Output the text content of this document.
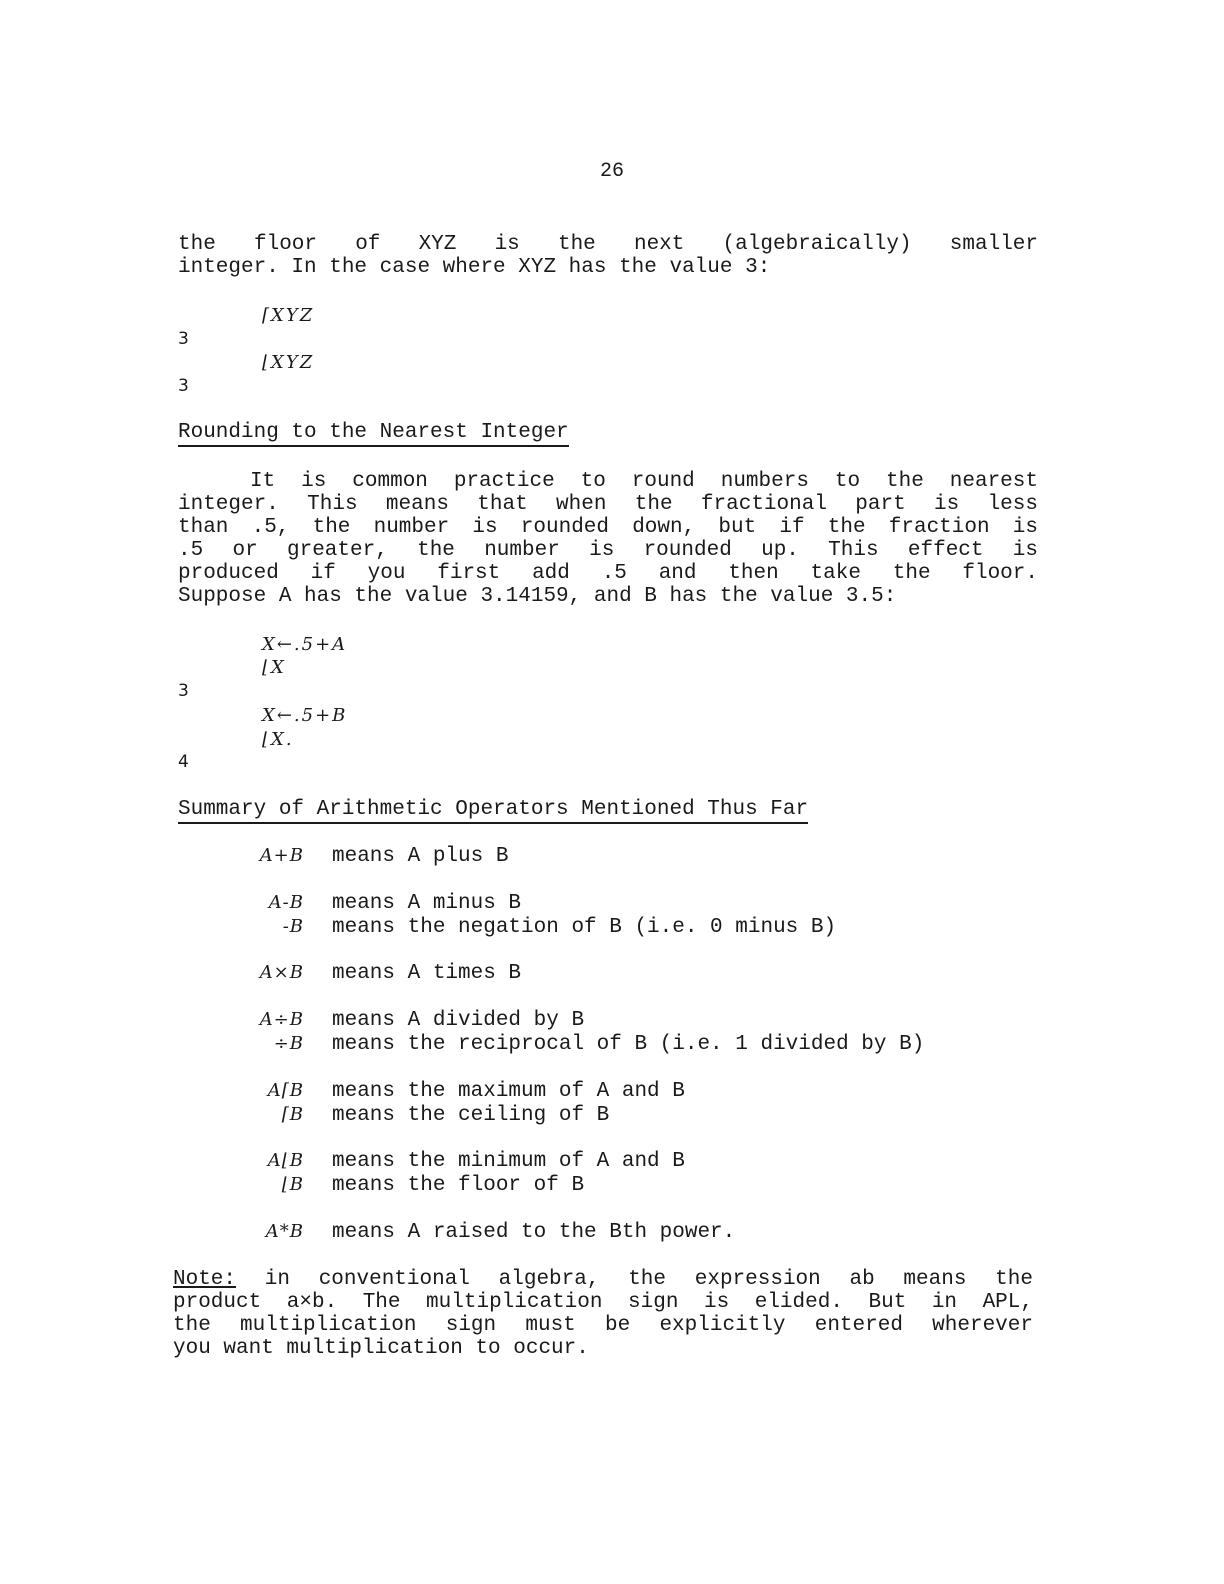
26
the floor of XYZ is the next (algebraically) smaller
integer. In the case where XYZ has the value 3:
⌈XYZ
3
⌊XYZ
3
Rounding to the Nearest Integer
It is common practice to round numbers to the nearest
integer. This means that when the fractional part is less
than .5, the number is rounded down, but if the fraction is
.5 or greater, the number is rounded up. This effect is
produced if you first add .5 and then take the floor.
Suppose A has the value 3.14159, and B has the value 3.5:
X←.5+A
⌊X
3
X←.5+B
⌊X.
4
Summary of Arithmetic Operators Mentioned Thus Far
A+B means A plus B
A-B means A minus B
-B means the negation of B (i.e. 0 minus B)
A×B means A times B
A÷B means A divided by B
÷B means the reciprocal of B (i.e. 1 divided by B)
A⌈B means the maximum of A and B
⌈B means the ceiling of B
A⌊B means the minimum of A and B
⌊B means the floor of B
A*B means A raised to the Bth power.
Note: in conventional algebra, the expression ab means the
product a×b. The multiplication sign is elided. But in APL,
the multiplication sign must be explicitly entered wherever
you want multiplication to occur.
